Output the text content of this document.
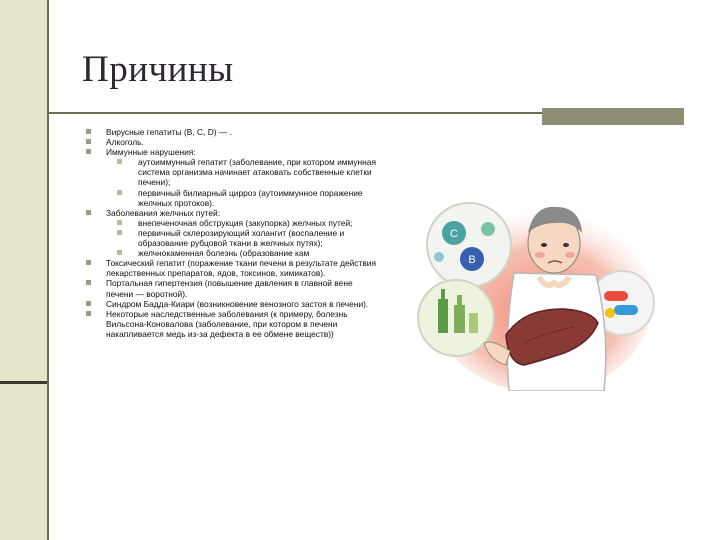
Причины
Вирусные гепатиты (B, C, D) — .
Алкоголь.
Иммунные нарушения:
аутоиммунный гепатит (заболевание, при котором иммунная система организма начинает атаковать собственные клетки печени);
первичный билиарный цирроз (аутоиммунное поражение желчных протоков).
Заболевания желчных путей:
внепеченочная обструкция (закупорка) желчных путей;
первичный склерозирующий холангит (воспаление и образование рубцовой ткани в желчных путях);
желчнокаменная болезнь (образование кам
Токсический гепатит (поражение ткани печени в результате действия лекарственных препаратов, ядов, токсинов, химикатов).
Портальная гипертензия (повышение давления в главной вене печени — воротной).
Синдром Бадда-Киари (возникновение венозного застоя в печени).
Некоторые наследственные заболевания (к примеру, болезнь Вильсона-Коновалова (заболевание, при котором в печени накапливается медь из-за дефекта в ее обмене веществ))
C
B
